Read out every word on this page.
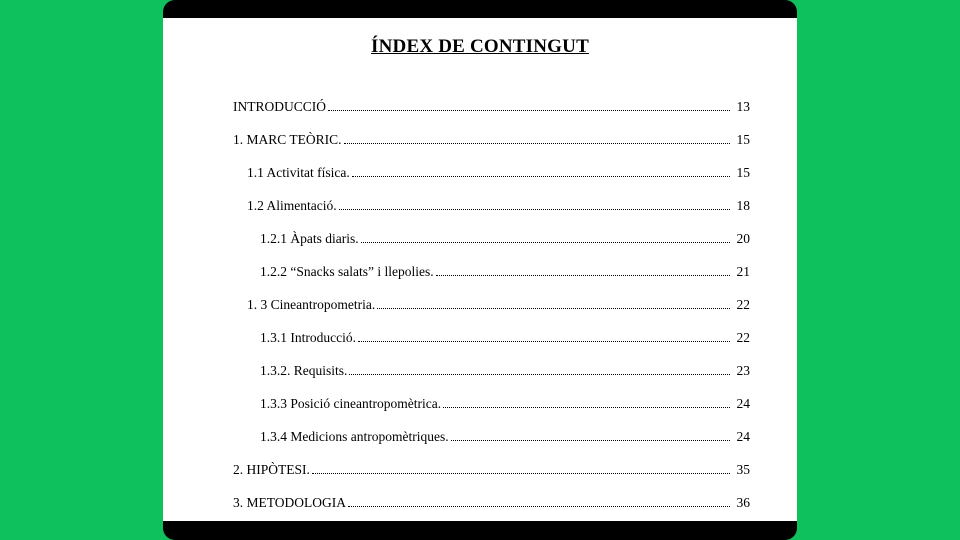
ÍNDEX DE CONTINGUT
INTRODUCCIÓ	13
1. MARC TEÒRIC.	15
1.1 Activitat física.	15
1.2 Alimentació.	18
1.2.1 Àpats diaris.	20
1.2.2 “Snacks salats” i llepolies.	21
1. 3 Cineantropometria.	22
1.3.1 Introducció.	22
1.3.2. Requisits.	23
1.3.3 Posició cineantropomètrica.	24
1.3.4 Medicions antropomètriques.	24
2. HIPÒTESI.	35
3. METODOLOGIA	36
